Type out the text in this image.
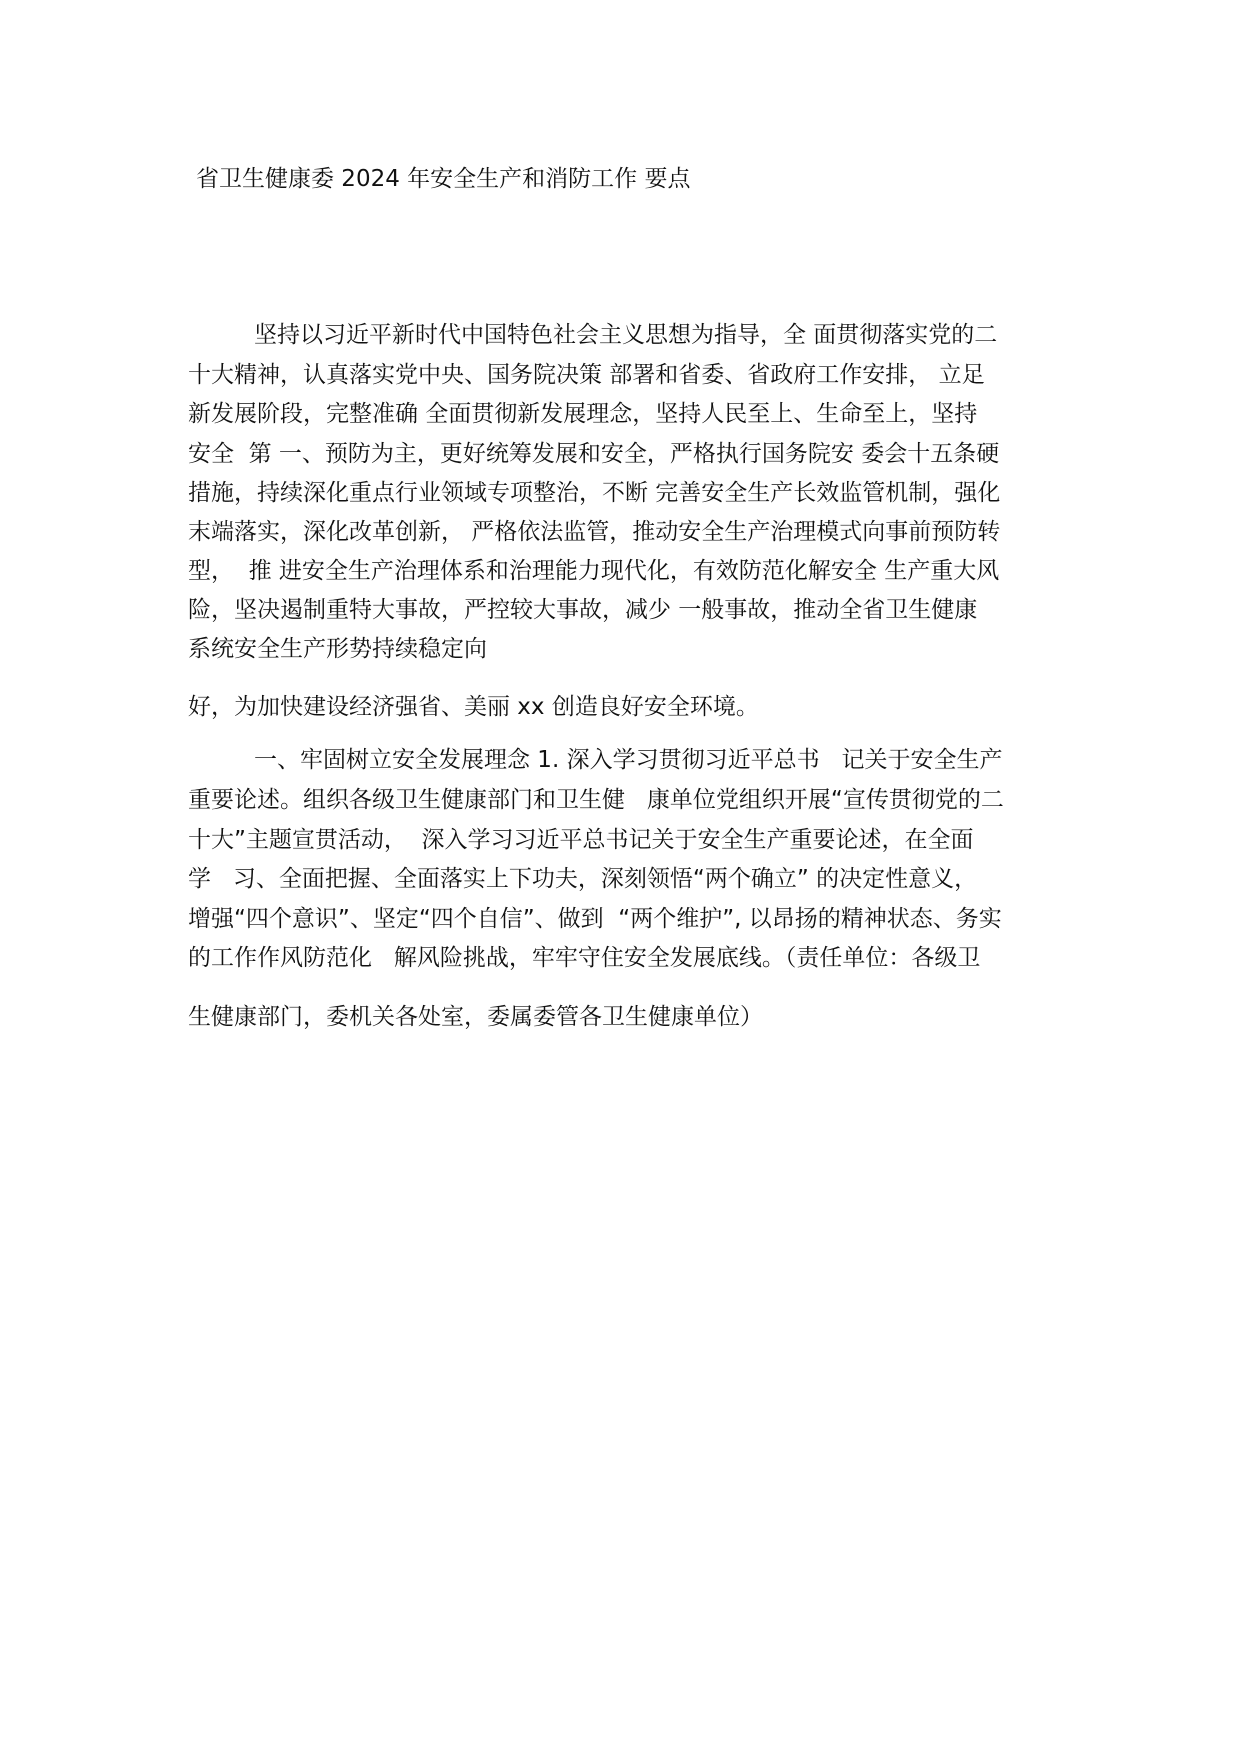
省卫生健康委 2024 年安全生产和消防工作 要点
坚持以习近平新时代中国特色社会主义思想为指导，全 面贯彻落实党的二
十大精神，认真落实党中央、国务院决策 部署和省委、省政府工作安排， 立足
新发展阶段，完整准确 全面贯彻新发展理念，坚持人民至上、生命至上，坚持
安全  第 一、预防为主，更好统筹发展和安全，严格执行国务院安 委会十五条硬
措施，持续深化重点行业领域专项整治，不断 完善安全生产长效监管机制，强化
末端落实，深化改革创新， 严格依法监管，推动安全生产治理模式向事前预防转
型，  推 进安全生产治理体系和治理能力现代化，有效防范化解安全 生产重大风
险，坚决遏制重特大事故，严控较大事故，减少 一般事故，推动全省卫生健康
系统安全生产形势持续稳定向
好，为加快建设经济强省、美丽 xx 创造良好安全环境。
一、牢固树立安全发展理念 1. 深入学习贯彻习近平总书   记关于安全生产
重要论述。组织各级卫生健康部门和卫生健   康单位党组织开展“宣传贯彻党的二
十大”主题宣贯活动，  深入学习习近平总书记关于安全生产重要论述，在全面
学   习、全面把握、全面落实上下功夫，深刻领悟“两个确立” 的决定性意义，
增强“四个意识”、坚定“四个自信”、做到  “两个维护”, 以昂扬的精神状态、务实
的工作作风防范化   解风险挑战，牢牢守住安全发展底线。（责任单位：各级卫
生健康部门，委机关各处室，委属委管各卫生健康单位）
